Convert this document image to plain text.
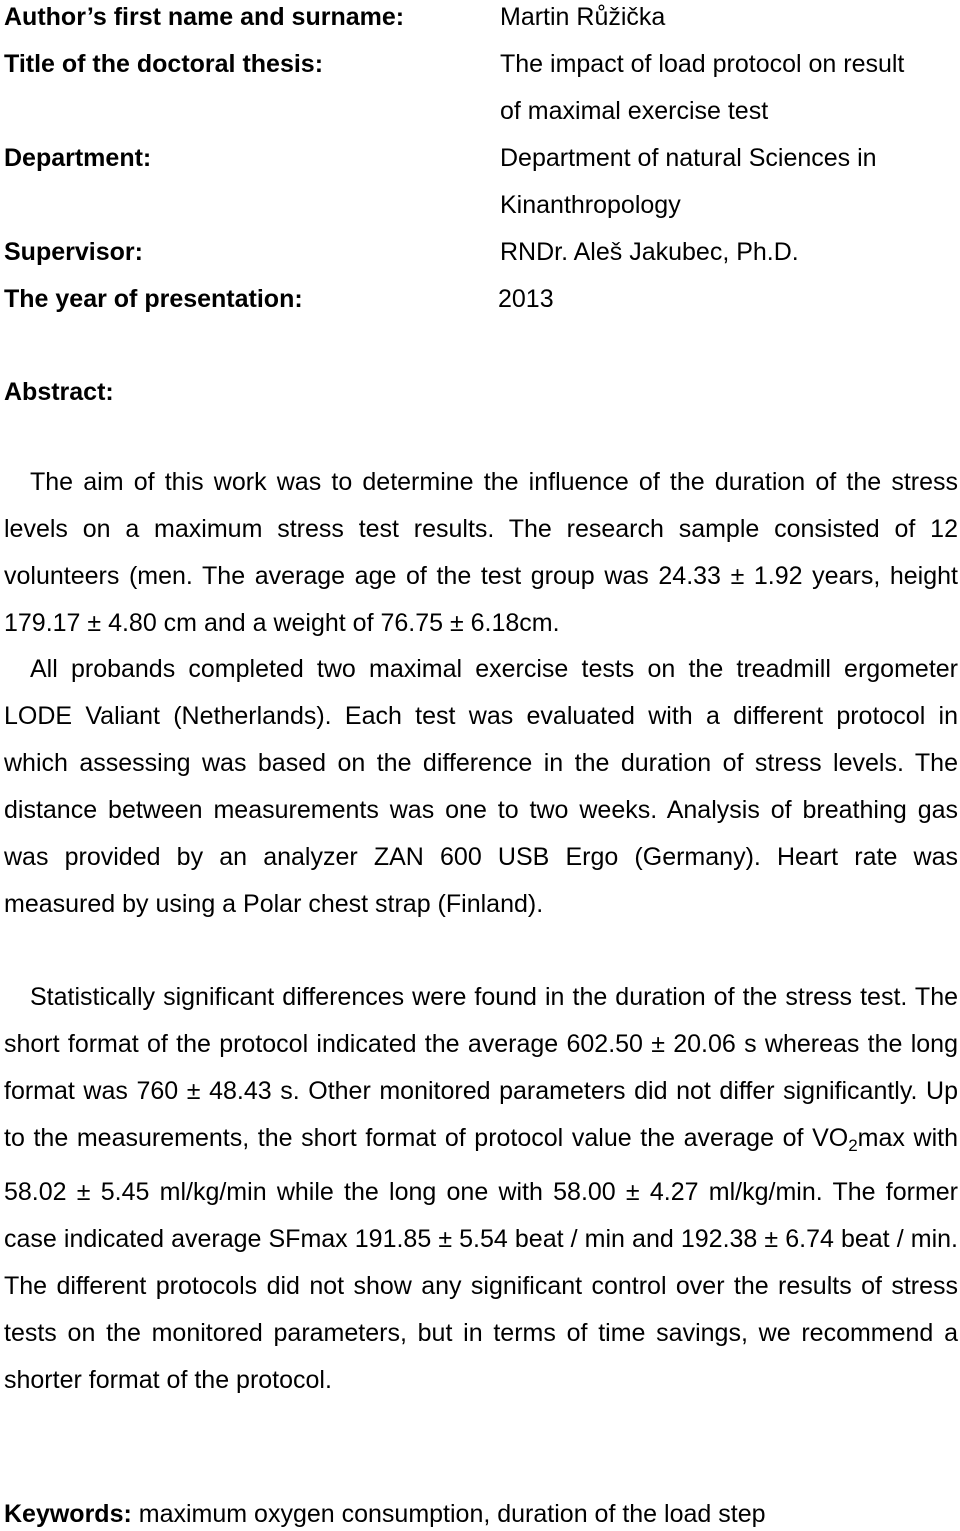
Author’s first name and surname:	Martin Růžička
Title of the doctoral thesis:	The impact of load protocol on result
of maximal exercise test
Department:	Department of natural Sciences in
Kinanthropology
Supervisor:	RNDr. Aleš Jakubec, Ph.D.
The year of presentation:	2013
Abstract:

The aim of this work was to determine the influence of the duration of the stress levels on a maximum stress test results. The research sample consisted of 12 volunteers (men. The average age of the test group was 24.33 ± 1.92 years, height 179.17 ± 4.80 cm and a weight of 76.75 ± 6.18cm.

All probands completed two maximal exercise tests on the treadmill ergometer LODE Valiant (Netherlands). Each test was evaluated with a different protocol in which assessing was based on the difference in the duration of stress levels. The distance between measurements was one to two weeks. Analysis of breathing gas was provided by an analyzer ZAN 600 USB Ergo (Germany). Heart rate was measured by using a Polar chest strap (Finland).

Statistically significant differences were found in the duration of the stress test. The short format of the protocol indicated the average 602.50 ± 20.06 s whereas the long format was 760 ± 48.43 s. Other monitored parameters did not differ significantly. Up to the measurements, the short format of protocol value the average of $VO_2\max$ with 58.02 ± 5.45 ml/kg/min while the long one with 58.00 ± 4.27 ml/kg/min. The former case indicated average SFmax 191.85 ± 5.54 beat / min and 192.38 ± 6.74 beat / min. The different protocols did not show any significant control over the results of stress tests on the monitored parameters, but in terms of time savings, we recommend a shorter format of the protocol.

Keywords: maximum oxygen consumption, duration of the load step
